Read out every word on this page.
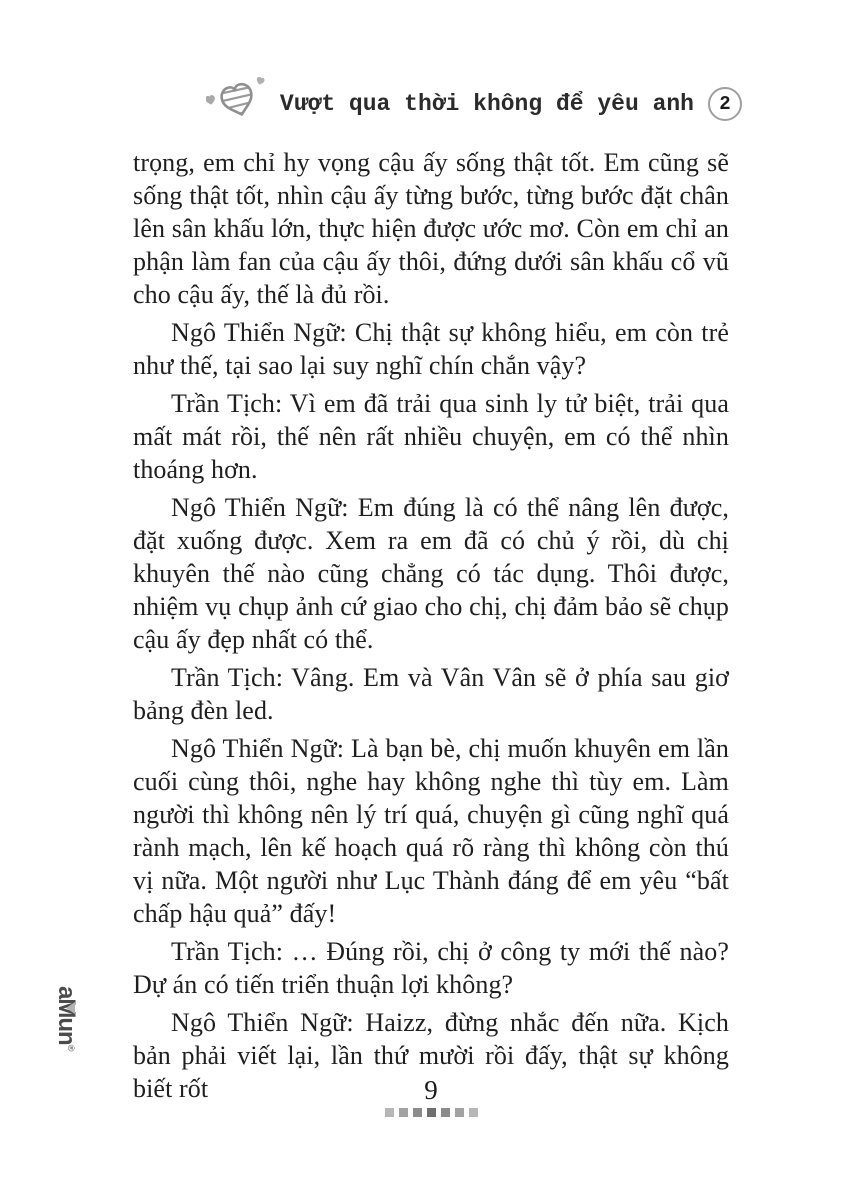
Vượt qua thời không để yêu anh	2

trọng, em chỉ hy vọng cậu ấy sống thật tốt. Em cũng sẽ sống thật tốt, nhìn cậu ấy từng bước, từng bước đặt chân lên sân khấu lớn, thực hiện được ước mơ. Còn em chỉ an phận làm fan của cậu ấy thôi, đứng dưới sân khấu cổ vũ cho cậu ấy, thế là đủ rồi.

Ngô Thiển Ngữ: Chị thật sự không hiểu, em còn trẻ như thế, tại sao lại suy nghĩ chín chắn vậy?

Trần Tịch: Vì em đã trải qua sinh ly tử biệt, trải qua mất mát rồi, thế nên rất nhiều chuyện, em có thể nhìn thoáng hơn.

Ngô Thiển Ngữ: Em đúng là có thể nâng lên được, đặt xuống được. Xem ra em đã có chủ ý rồi, dù chị khuyên thế nào cũng chẳng có tác dụng. Thôi được, nhiệm vụ chụp ảnh cứ giao cho chị, chị đảm bảo sẽ chụp cậu ấy đẹp nhất có thể.

Trần Tịch: Vâng. Em và Vân Vân sẽ ở phía sau giơ bảng đèn led.

Ngô Thiển Ngữ: Là bạn bè, chị muốn khuyên em lần cuối cùng thôi, nghe hay không nghe thì tùy em. Làm người thì không nên lý trí quá, chuyện gì cũng nghĩ quá rành mạch, lên kế hoạch quá rõ ràng thì không còn thú vị nữa. Một người như Lục Thành đáng để em yêu “bất chấp hậu quả” đấy!

Trần Tịch: … Đúng rồi, chị ở công ty mới thế nào? Dự án có tiến triển thuận lợi không?

Ngô Thiển Ngữ: Haizz, đừng nhắc đến nữa. Kịch bản phải viết lại, lần thứ mười rồi đấy, thật sự không biết rốt

aM
un®
9
